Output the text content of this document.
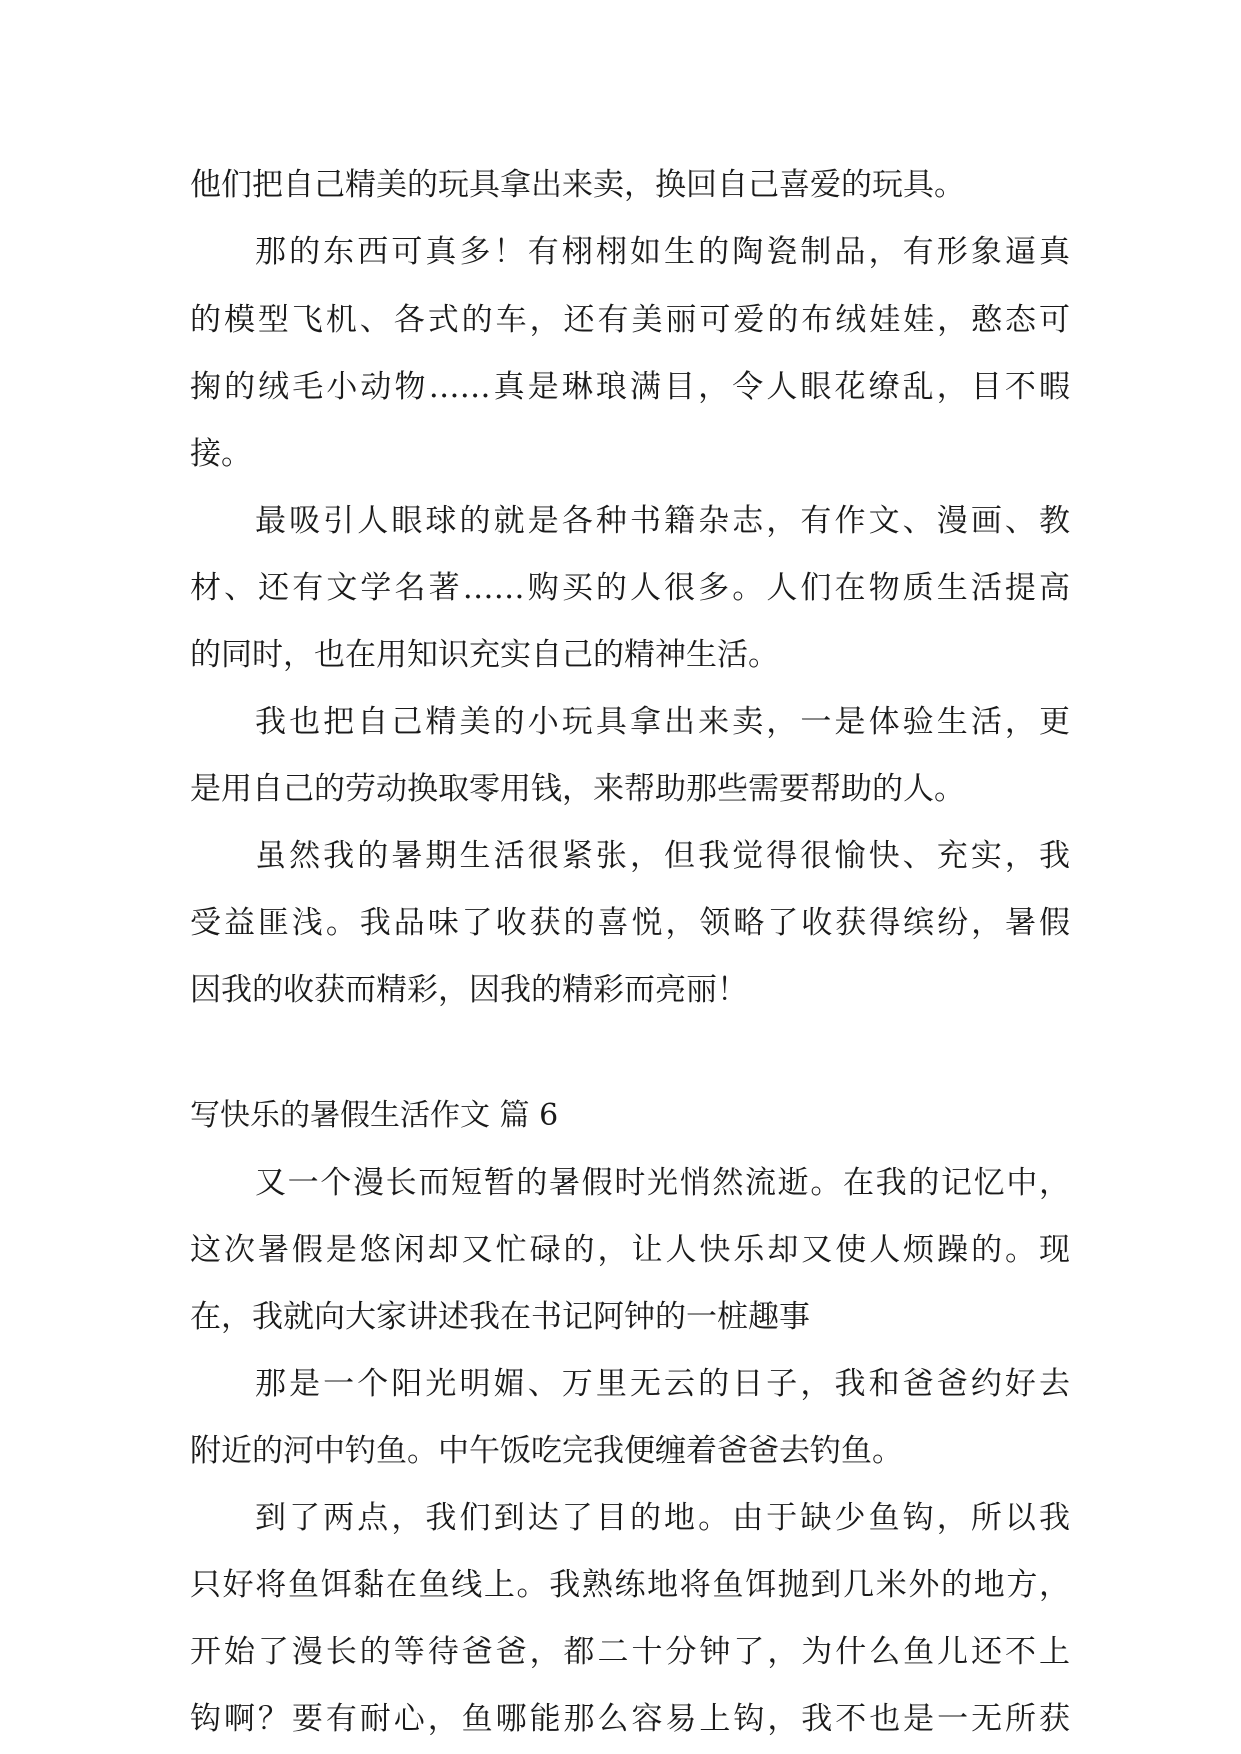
他们把自己精美的玩具拿出来卖，换回自己喜爱的玩具。
那的东西可真多！有栩栩如生的陶瓷制品，有形象逼真
的模型飞机、各式的车，还有美丽可爱的布绒娃娃，憨态可
掬的绒毛小动物……真是琳琅满目，令人眼花缭乱，目不暇
接。
最吸引人眼球的就是各种书籍杂志，有作文、漫画、教
材、还有文学名著……购买的人很多。人们在物质生活提高
的同时，也在用知识充实自己的精神生活。
我也把自己精美的小玩具拿出来卖，一是体验生活，更
是用自己的劳动换取零用钱，来帮助那些需要帮助的人。
虽然我的暑期生活很紧张，但我觉得很愉快、充实，我
受益匪浅。我品味了收获的喜悦，领略了收获得缤纷，暑假
因我的收获而精彩，因我的精彩而亮丽！
写快乐的暑假生活作文 篇 6
又一个漫长而短暂的暑假时光悄然流逝。在我的记忆中，
这次暑假是悠闲却又忙碌的，让人快乐却又使人烦躁的。现
在，我就向大家讲述我在书记阿钟的一桩趣事
那是一个阳光明媚、万里无云的日子，我和爸爸约好去
附近的河中钓鱼。中午饭吃完我便缠着爸爸去钓鱼。
到了两点，我们到达了目的地。由于缺少鱼钩，所以我
只好将鱼饵黏在鱼线上。我熟练地将鱼饵抛到几米外的地方，
开始了漫长的等待爸爸，都二十分钟了，为什么鱼儿还不上
钩啊？要有耐心，鱼哪能那么容易上钩，我不也是一无所获
